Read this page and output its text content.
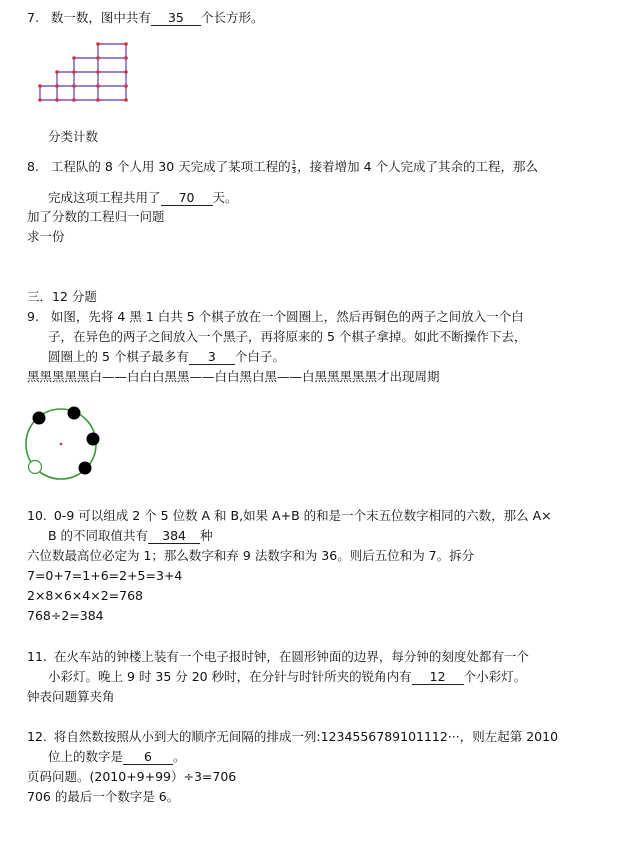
7. 数一数，图中共有 35 个长方形。
分类计数
8. 工程队的 8 个人用 30 天完成了某项工程的 $\frac{1}{3}$ ，接着增加 4 个人完成了其余的工程，那么
完成这项工程共用了 70 天。
加了分数的工程归一问题
求一份
三．12 分题
9. 如图，先将 4 黑 1 白共 5 个棋子放在一个圆圈上，然后再铜色的两子之间放入一个白
子，在异色的两子之间放入一个黑子，再将原来的 5 个棋子拿掉。如此不断操作下去，
圆圈上的 5 个棋子最多有 3 个白子。
黑黑黑黑黑白——白白白黑黑——白白黑白黑——白黑黑黑黑黑才出现周期
10. 0-9 可以组成 2 个 5 位数 A 和 B,如果 A+B 的和是一个末五位数字相同的六数，那么 A×
B 的不同取值共有 384 种
六位数最高位必定为 1；那么数字和弃 9 法数字和为 36。则后五位和为 7。拆分
7=0+7=1+6=2+5=3+4
2×8×6×4×2=768
768÷2=384
11. 在火车站的钟楼上装有一个电子报时钟，在圆形钟面的边界，每分钟的刻度处都有一个
小彩灯。晚上 9 时 35 分 20 秒时，在分针与时针所夹的锐角内有 12 个小彩灯。
钟表问题算夹角
12. 将自然数按照从小到大的顺序无间隔的排成一列:1234556789101112···，则左起第 2010
位上的数字是 6 。
页码问题。(2010+9+99）÷3=706
706 的最后一个数字是 6。
